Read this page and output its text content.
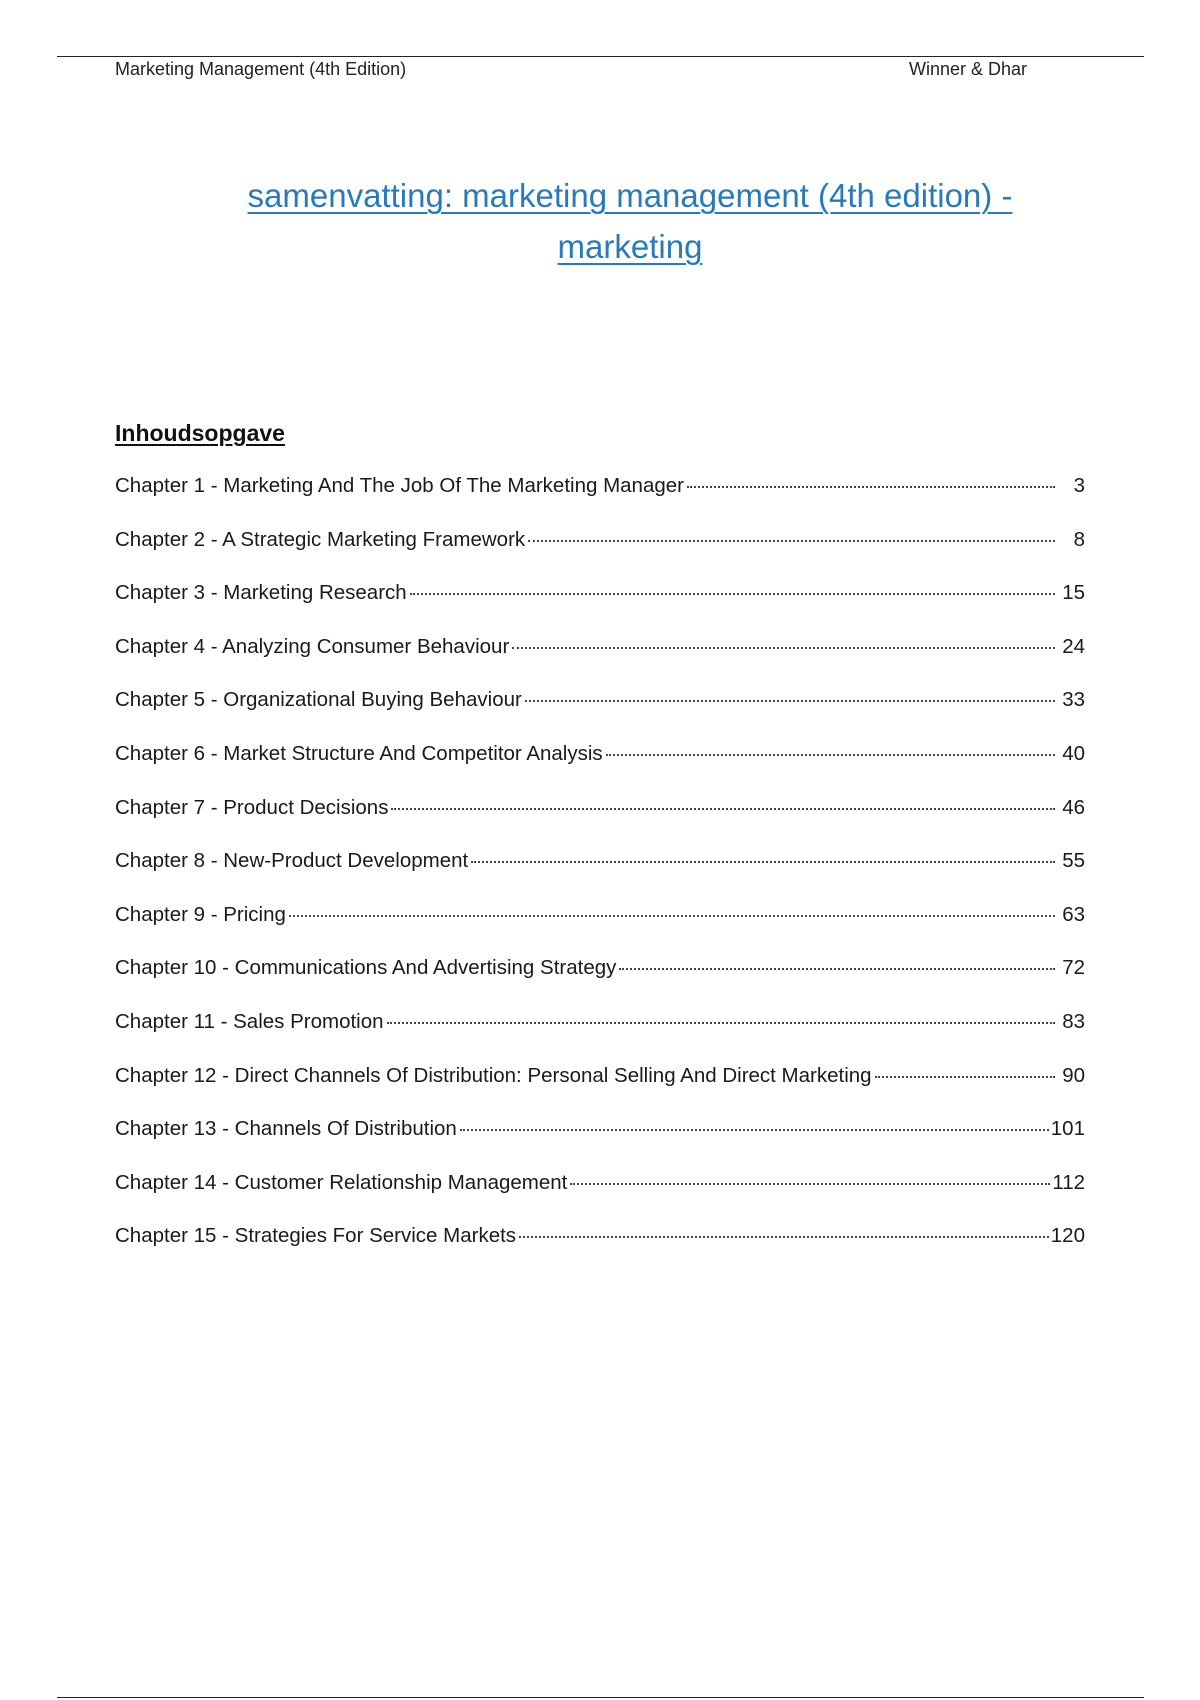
Marketing Management (4th Edition)	Winner & Dhar
samenvatting: marketing management (4th edition) -
marketing
Inhoudsopgave
Chapter 1 - Marketing And The Job Of The Marketing Manager	3
Chapter 2 - A Strategic Marketing Framework	8
Chapter 3 - Marketing Research	15
Chapter 4 - Analyzing Consumer Behaviour	24
Chapter 5 - Organizational Buying Behaviour	33
Chapter 6 - Market Structure And Competitor Analysis	40
Chapter 7 - Product Decisions	46
Chapter 8 - New-Product Development	55
Chapter 9 - Pricing	63
Chapter 10 - Communications And Advertising Strategy	72
Chapter 11 - Sales Promotion	83
Chapter 12 - Direct Channels Of Distribution: Personal Selling And Direct Marketing	90
Chapter 13 - Channels Of Distribution	101
Chapter 14 - Customer Relationship Management	112
Chapter 15 - Strategies For Service Markets	120
